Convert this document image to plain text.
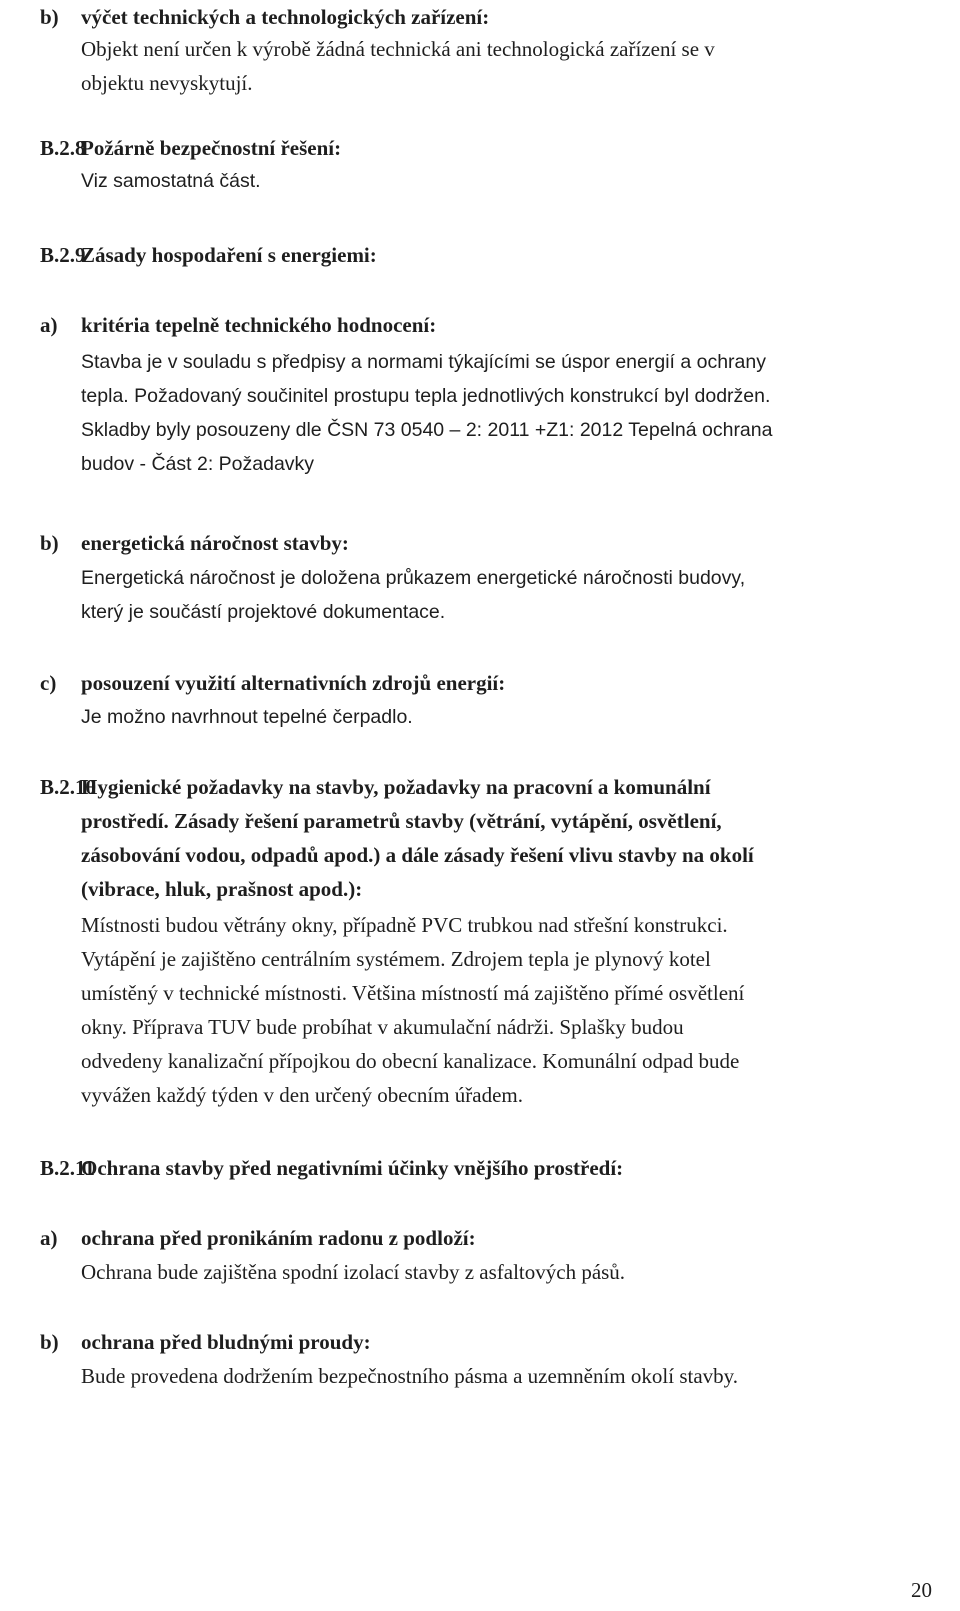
b) výčet technických a technologických zařízení:
Objekt není určen k výrobě žádná technická ani technologická zařízení se v
objektu nevyskytují.
B.2.8
Požárně bezpečnostní řešení:
Viz samostatná část.
B.2.9
Zásady hospodaření s energiemi:
a) kritéria tepelně technického hodnocení:
Stavba je v souladu s předpisy a normami týkajícími se úspor energií a ochrany
tepla. Požadovaný součinitel prostupu tepla jednotlivých konstrukcí byl dodržen.
Skladby byly posouzeny dle ČSN 73 0540 – 2: 2011 +Z1: 2012 Tepelná ochrana
budov - Část 2: Požadavky
b) energetická náročnost stavby:
Energetická náročnost je doložena průkazem energetické náročnosti budovy,
který je součástí projektové dokumentace.
c) posouzení využití alternativních zdrojů energií:
Je možno navrhnout tepelné čerpadlo.
B.2.10
Hygienické požadavky na stavby, požadavky na pracovní a komunální
prostředí. Zásady řešení parametrů stavby (větrání, vytápění, osvětlení,
zásobování vodou, odpadů apod.) a dále zásady řešení vlivu stavby na okolí
(vibrace, hluk, prašnost apod.):
Místnosti budou větrány okny, případně PVC trubkou nad střešní konstrukci.
Vytápění je zajištěno centrálním systémem. Zdrojem tepla je plynový kotel
umístěný v technické místnosti. Většina místností má zajištěno přímé osvětlení
okny. Příprava TUV bude probíhat v akumulační nádrži. Splašky budou
odvedeny kanalizační přípojkou do obecní kanalizace. Komunální odpad bude
vyvážen každý týden v den určený obecním úřadem.
B.2.11
Ochrana stavby před negativními účinky vnějšího prostředí:
a) ochrana před pronikáním radonu z podloží:
Ochrana bude zajištěna spodní izolací stavby z asfaltových pásů.
b) ochrana před bludnými proudy:
Bude provedena dodržením bezpečnostního pásma a uzemněním okolí stavby.
20
